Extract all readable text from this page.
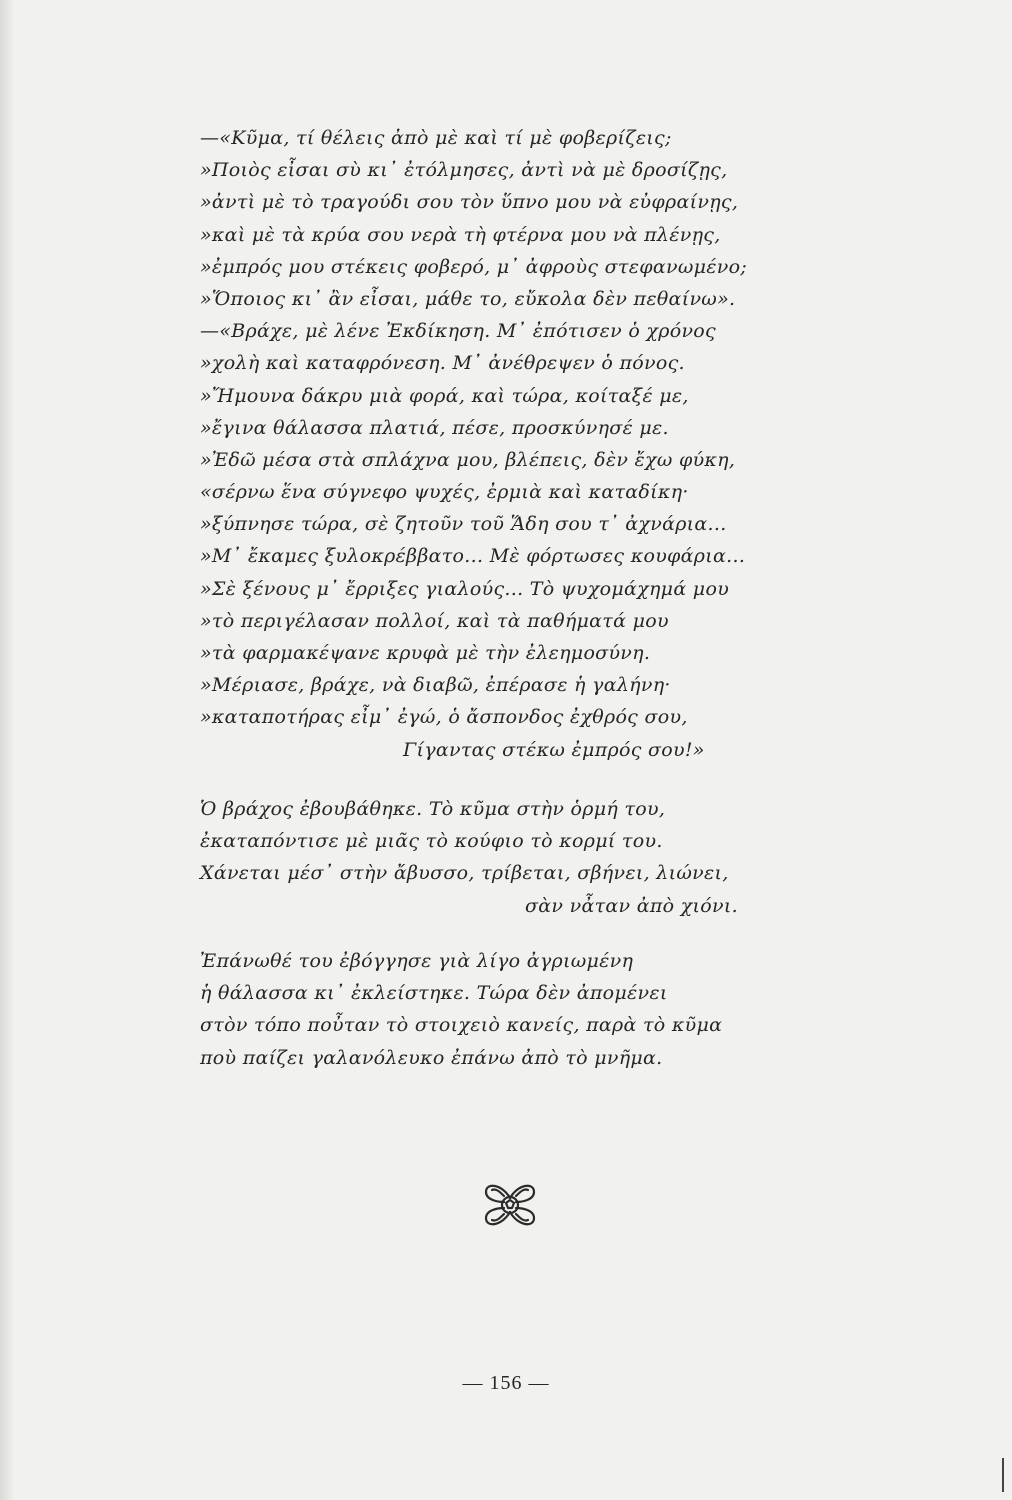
—«Κῦμα, τί θέλεις ἀπὸ μὲ καὶ τί μὲ φοβερίζεις;
»Ποιὸς εἶσαι σὺ κι᾽ ἐτόλμησες, ἀντὶ νὰ μὲ δροσίζῃς,
»ἀντὶ μὲ τὸ τραγούδι σου τὸν ὕπνο μου νὰ εὐφραίνῃς,
»καὶ μὲ τὰ κρύα σου νερὰ τὴ φτέρνα μου νὰ πλένῃς,
»ἐμπρός μου στέκεις φοβερό, μ᾽ ἀφροὺς στεφανωμένο;
»Ὅποιος κι᾽ ἂν εἶσαι, μάθε το, εὔκολα δὲν πεθαίνω».
—«Βράχε, μὲ λένε Ἐκδίκηση. Μ᾽ ἐπότισεν ὁ χρόνος
»χολὴ καὶ καταφρόνεση. Μ᾽ ἀνέθρεψεν ὁ πόνος.
»Ἤμουνα δάκρυ μιὰ φορά, καὶ τώρα, κοίταξέ με,
»ἔγινα θάλασσα πλατιά, πέσε, προσκύνησέ με.
»Ἐδῶ μέσα στὰ σπλάχνα μου, βλέπεις, δὲν ἔχω φύκη,
«σέρνω ἕνα σύγνεφο ψυχές, ἐρμιὰ καὶ καταδίκη·
»ξύπνησε τώρα, σὲ ζητοῦν τοῦ Ἅδη σου τ᾽ ἀχνάρια...
»Μ᾽ ἔκαμες ξυλοκρέββατο... Μὲ φόρτωσες κουφάρια...
»Σὲ ξένους μ᾽ ἔρριξες γιαλούς... Τὸ ψυχομάχημά μου
»τὸ περιγέλασαν πολλοί, καὶ τὰ παθήματά μου
»τὰ φαρμακέψανε κρυφὰ μὲ τὴν ἐλεημοσύνη.
»Μέριασε, βράχε, νὰ διαβῶ, ἐπέρασε ἡ γαλήνη·
»καταποτήρας εἶμ᾽ ἐγώ, ὁ ἄσπονδος ἐχθρός σου,
Γίγαντας στέκω ἐμπρός σου!»
Ὁ βράχος ἐβουβάθηκε. Τὸ κῦμα στὴν ὁρμή του,
ἐκαταπόντισε μὲ μιᾶς τὸ κούφιο τὸ κορμί του.
Χάνεται μέσ᾽ στὴν ἄβυσσο, τρίβεται, σβήνει, λιώνει,
σὰν νἆταν ἀπὸ χιόνι.
Ἐπάνωθέ του ἐβόγγησε γιὰ λίγο ἀγριωμένη
ἡ θάλασσα κι᾽ ἐκλείστηκε. Τώρα δὲν ἀπομένει
στὸν τόπο ποὖταν τὸ στοιχειὸ κανείς, παρὰ τὸ κῦμα
ποὺ παίζει γαλανόλευκο ἐπάνω ἀπὸ τὸ μνῆμα.
— 156 —
